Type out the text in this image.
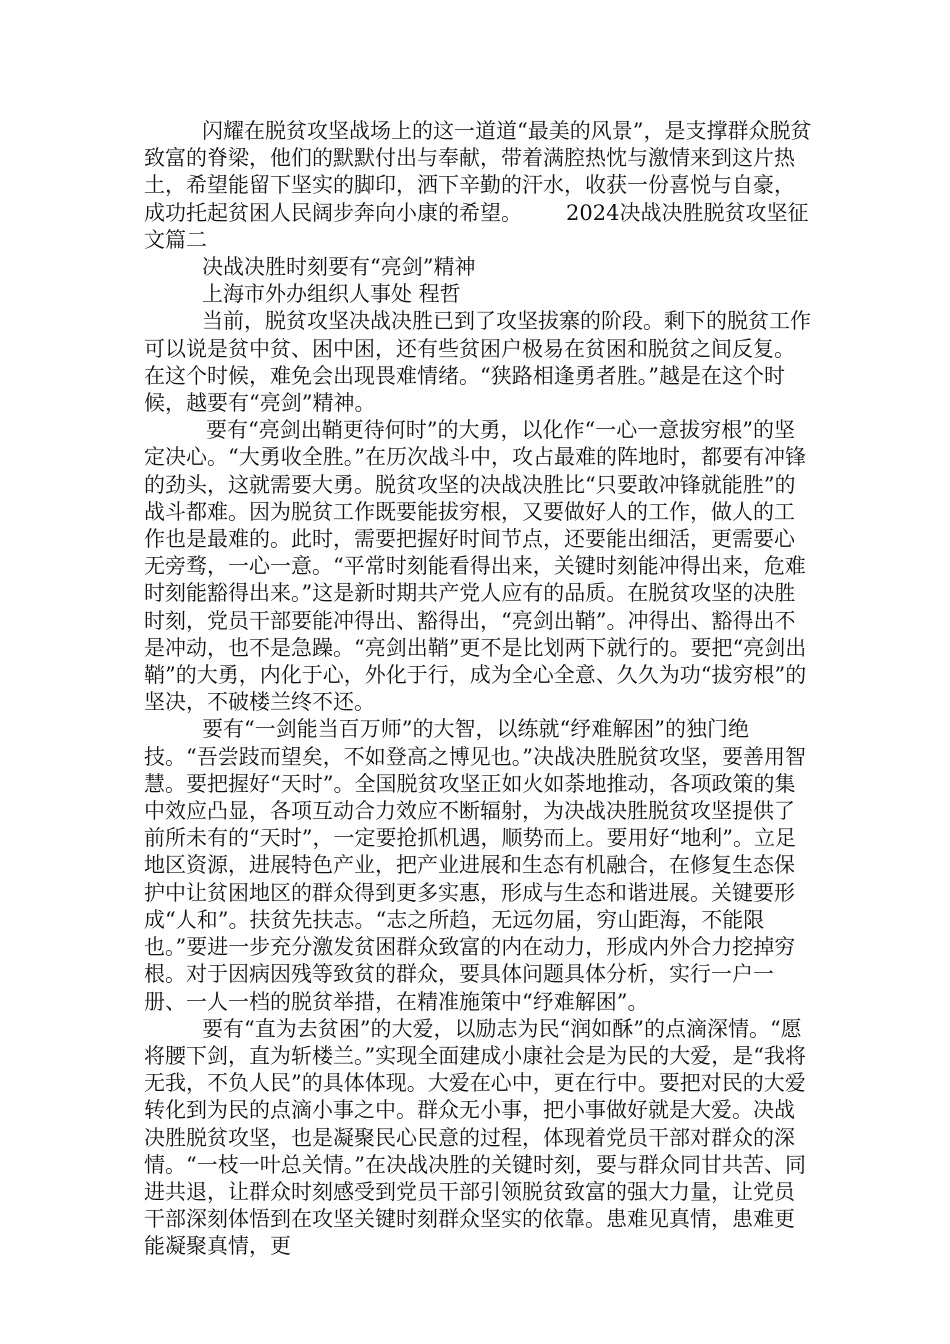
闪耀在脱贫攻坚战场上的这一道道“最美的风景”，是支撑群众脱贫致富的脊梁，他们的默默付出与奉献，带着满腔热忱与激情来到这片热土，希望能留下坚实的脚印，洒下辛勤的汗水，收获一份喜悦与自豪，成功托起贫困人民阔步奔向小康的希望。 2024决战决胜脱贫攻坚征文篇二

决战决胜时刻要有“亮剑”精神
上海市外办组织人事处 程哲

当前，脱贫攻坚决战决胜已到了攻坚拔寨的阶段。剩下的脱贫工作可以说是贫中贫、困中困，还有些贫困户极易在贫困和脱贫之间反复。在这个时候，难免会出现畏难情绪。“狭路相逢勇者胜。”越是在这个时候，越要有“亮剑”精神。

要有“亮剑出鞘更待何时”的大勇，以化作“一心一意拔穷根”的坚定决心。“大勇收全胜。”在历次战斗中，攻占最难的阵地时，都要有冲锋的劲头，这就需要大勇。脱贫攻坚的决战决胜比“只要敢冲锋就能胜”的战斗都难。因为脱贫工作既要能拔穷根，又要做好人的工作，做人的工作也是最难的。此时，需要把握好时间节点，还要能出细活，更需要心无旁骛，一心一意。“平常时刻能看得出来，关键时刻能冲得出来，危难时刻能豁得出来。”这是新时期共产党人应有的品质。在脱贫攻坚的决胜时刻，党员干部要能冲得出、豁得出，“亮剑出鞘”。冲得出、豁得出不是冲动，也不是急躁。“亮剑出鞘”更不是比划两下就行的。要把“亮剑出鞘”的大勇，内化于心，外化于行，成为全心全意、久久为功“拔穷根”的坚决，不破楼兰终不还。

要有“一剑能当百万师”的大智，以练就“纾难解困”的独门绝技。“吾尝跂而望矣，不如登高之博见也。”决战决胜脱贫攻坚，要善用智慧。要把握好“天时”。全国脱贫攻坚正如火如荼地推动，各项政策的集中效应凸显，各项互动合力效应不断辐射，为决战决胜脱贫攻坚提供了前所未有的“天时”，一定要抢抓机遇，顺势而上。要用好“地利”。立足地区资源，进展特色产业，把产业进展和生态有机融合，在修复生态保护中让贫困地区的群众得到更多实惠，形成与生态和谐进展。关键要形成“人和”。扶贫先扶志。“志之所趋，无远勿届，穷山距海，不能限也。”要进一步充分激发贫困群众致富的内在动力，形成内外合力挖掉穷根。对于因病因残等致贫的群众，要具体问题具体分析，实行一户一册、一人一档的脱贫举措，在精准施策中“纾难解困”。

要有“直为去贫困”的大爱，以励志为民“润如酥”的点滴深情。“愿将腰下剑，直为斩楼兰。”实现全面建成小康社会是为民的大爱，是“我将无我，不负人民”的具体体现。大爱在心中，更在行中。要把对民的大爱转化到为民的点滴小事之中。群众无小事，把小事做好就是大爱。决战决胜脱贫攻坚，也是凝聚民心民意的过程，体现着党员干部对群众的深情。“一枝一叶总关情。”在决战决胜的关键时刻，要与群众同甘共苦、同进共退，让群众时刻感受到党员干部引领脱贫致富的强大力量，让党员干部深刻体悟到在攻坚关键时刻群众坚实的依靠。患难见真情，患难更能凝聚真情，更
